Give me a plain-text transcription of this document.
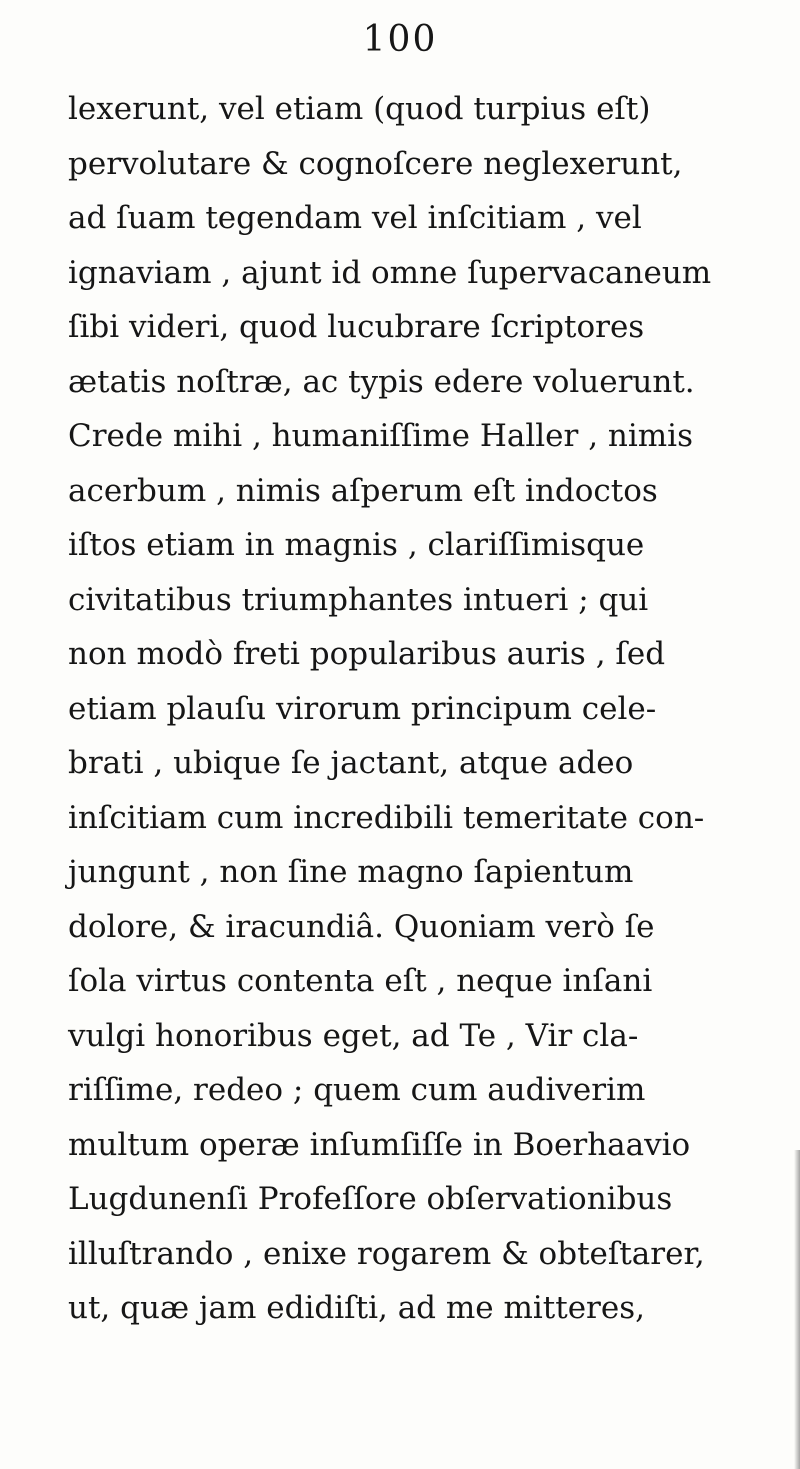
100
lexerunt, vel etiam (quod turpius eſt)
pervolutare & cognoſcere neglexerunt,
ad ſuam tegendam vel inſcitiam , vel
ignaviam , ajunt id omne ſupervacaneum
ſibi videri, quod lucubrare ſcriptores
ætatis noſtræ, ac typis edere voluerunt.
Crede mihi , humaniſſime Haller , nimis
acerbum , nimis aſperum eſt indoctos
iſtos etiam in magnis , clariſſimisque
civitatibus triumphantes intueri ; qui
non modò freti popularibus auris , ſed
etiam plauſu virorum principum cele-
brati , ubique ſe jactant, atque adeo
inſcitiam cum incredibili temeritate con-
jungunt , non ſine magno ſapientum
dolore, & iracundiâ. Quoniam verò ſe
ſola virtus contenta eſt , neque inſani
vulgi honoribus eget, ad Te , Vir cla-
riſſime, redeo ; quem cum audiverim
multum operæ inſumſiſſe in Boerhaavio
Lugdunenſi Profeſſore obſervationibus
illuſtrando , enixe rogarem & obteſtarer,
ut, quæ jam edidiſti, ad me mitteres,
